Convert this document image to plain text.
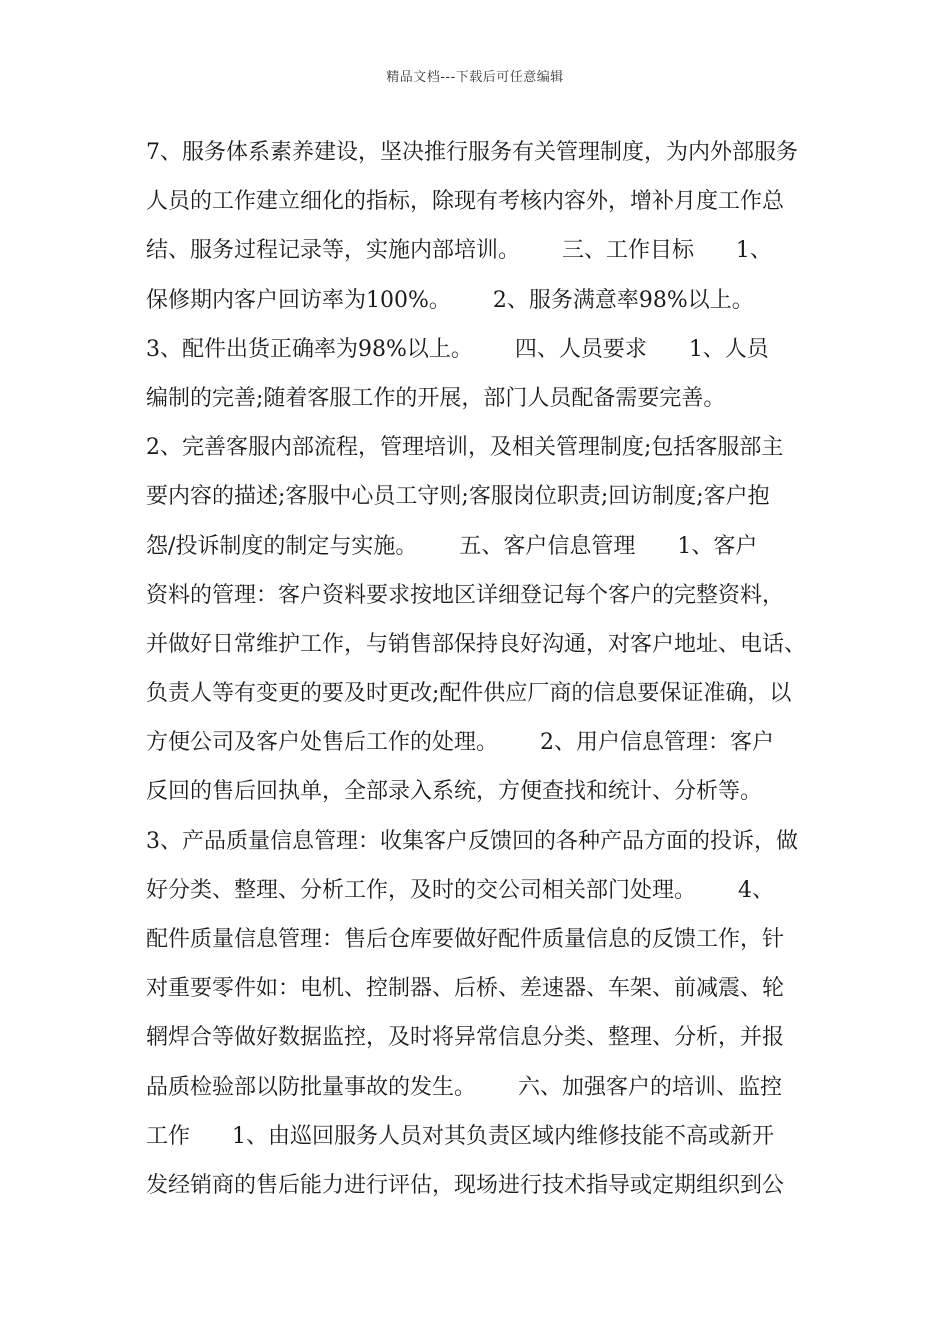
精品文档---下载后可任意编辑
7、服务体系素养建设，坚决推行服务有关管理制度，为内外部服务
人员的工作建立细化的指标，除现有考核内容外，增补月度工作总
结、服务过程记录等，实施内部培训。      三、工作目标      1、
保修期内客户回访率为100%。      2、服务满意率98%以上。
3、配件出货正确率为98%以上。      四、人员要求      1、人员
编制的完善;随着客服工作的开展，部门人员配备需要完善。
2、完善客服内部流程，管理培训，及相关管理制度;包括客服部主
要内容的描述;客服中心员工守则;客服岗位职责;回访制度;客户抱
怨/投诉制度的制定与实施。      五、客户信息管理      1、客户
资料的管理：客户资料要求按地区详细登记每个客户的完整资料，
并做好日常维护工作，与销售部保持良好沟通，对客户地址、电话、
负责人等有变更的要及时更改;配件供应厂商的信息要保证准确，以
方便公司及客户处售后工作的处理。      2、用户信息管理：客户
反回的售后回执单，全部录入系统，方便查找和统计、分析等。
3、产品质量信息管理：收集客户反馈回的各种产品方面的投诉，做
好分类、整理、分析工作，及时的交公司相关部门处理。      4、
配件质量信息管理：售后仓库要做好配件质量信息的反馈工作，针
对重要零件如：电机、控制器、后桥、差速器、车架、前减震、轮
辋焊合等做好数据监控，及时将异常信息分类、整理、分析，并报
品质检验部以防批量事故的发生。      六、加强客户的培训、监控
工作      1、由巡回服务人员对其负责区域内维修技能不高或新开
发经销商的售后能力进行评估，现场进行技术指导或定期组织到公
